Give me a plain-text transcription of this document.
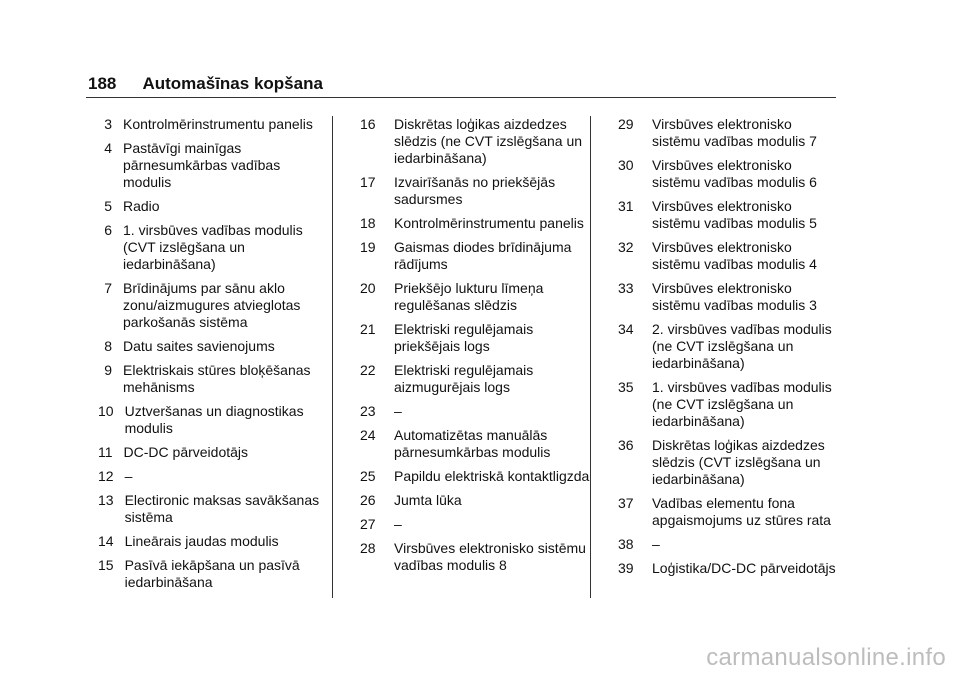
188 Automašīnas kopšana
3 Kontrolmērinstrumentu panelis
4 Pastāvīgi mainīgas pārnesumkārbas vadības modulis
5 Radio
6 1. virsbūves vadības modulis (CVT izslēgšana un iedarbināšana)
7 Brīdinājums par sānu aklo zonu/aizmugures atvieglotas parkošanās sistēma
8 Datu saites savienojums
9 Elektriskais stūres bloķēšanas mehānisms
10 Uztveršanas un diagnostikas modulis
11 DC-DC pārveidotājs
12 –
13 Electironic maksas savākšanas sistēma
14 Lineārais jaudas modulis
15 Pasīvā iekāpšana un pasīvā iedarbināšana
16	Diskrētas loģikas aizdedzes slēdzis (ne CVT izslēgšana un iedarbināšana)
17	Izvairīšanās no priekšējās sadursmes
18	Kontrolmērinstrumentu panelis
19	Gaismas diodes brīdinājuma rādījums
20	Priekšējo lukturu līmeņa regulēšanas slēdzis
21	Elektriski regulējamais priekšējais logs
22	Elektriski regulējamais aizmugurējais logs
23	–
24	Automatizētas manuālās pārnesumkārbas modulis
25	Papildu elektriskā kontaktligzda
26	Jumta lūka
27	–
28	Virsbūves elektronisko sistēmu vadības modulis 8
29	Virsbūves elektronisko sistēmu vadības modulis 7
30	Virsbūves elektronisko sistēmu vadības modulis 6
31	Virsbūves elektronisko sistēmu vadības modulis 5
32	Virsbūves elektronisko sistēmu vadības modulis 4
33	Virsbūves elektronisko sistēmu vadības modulis 3
34	2. virsbūves vadības modulis (ne CVT izslēgšana un iedarbināšana)
35	1. virsbūves vadības modulis (ne CVT izslēgšana un iedarbināšana)
36	Diskrētas loģikas aizdedzes slēdzis (CVT izslēgšana un iedarbināšana)
37	Vadības elementu fona apgaismojums uz stūres rata
38	–
39	Loģistika/DC-DC pārveidotājs
carmanualsonline.info
